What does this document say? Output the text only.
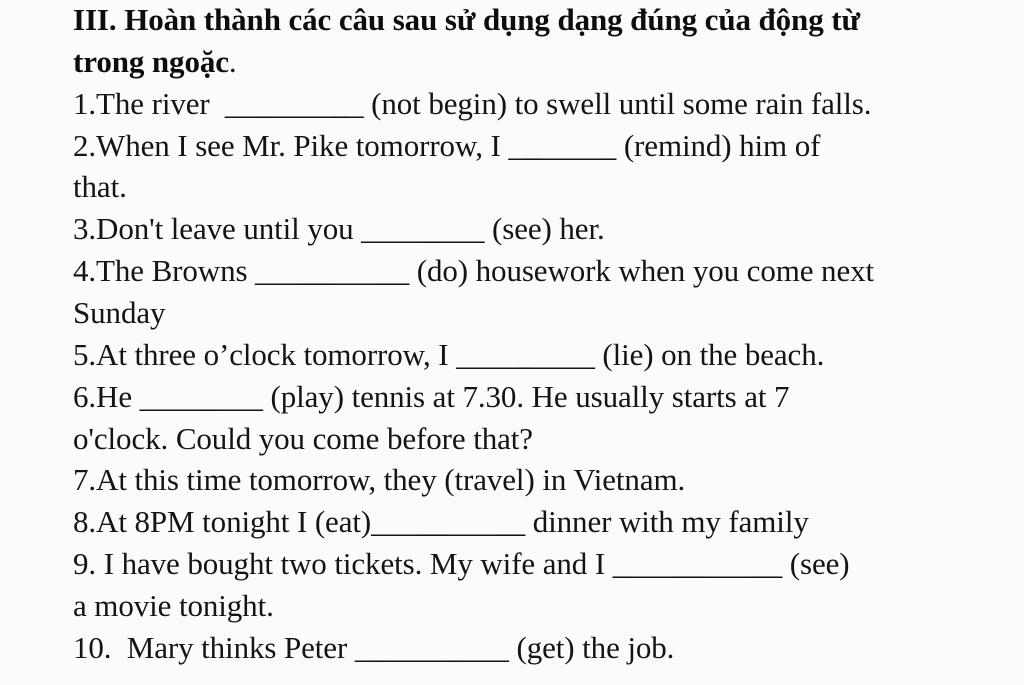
III. Hoàn thành các câu sau sử dụng dạng đúng của động từ
trong ngoặc.
1.The river  _________ (not begin) to swell until some rain falls.
2.When I see Mr. Pike tomorrow, I _______ (remind) him of
that.
3.Don't leave until you ________ (see) her.
4.The Browns __________ (do) housework when you come next
Sunday
5.At three o’clock tomorrow, I _________ (lie) on the beach.
6.He ________ (play) tennis at 7.30. He usually starts at 7
o'clock. Could you come before that?
7.At this time tomorrow, they (travel) in Vietnam.
8.At 8PM tonight I (eat)__________ dinner with my family
9. I have bought two tickets. My wife and I ___________ (see)
a movie tonight.
10.  Mary thinks Peter __________ (get) the job.
